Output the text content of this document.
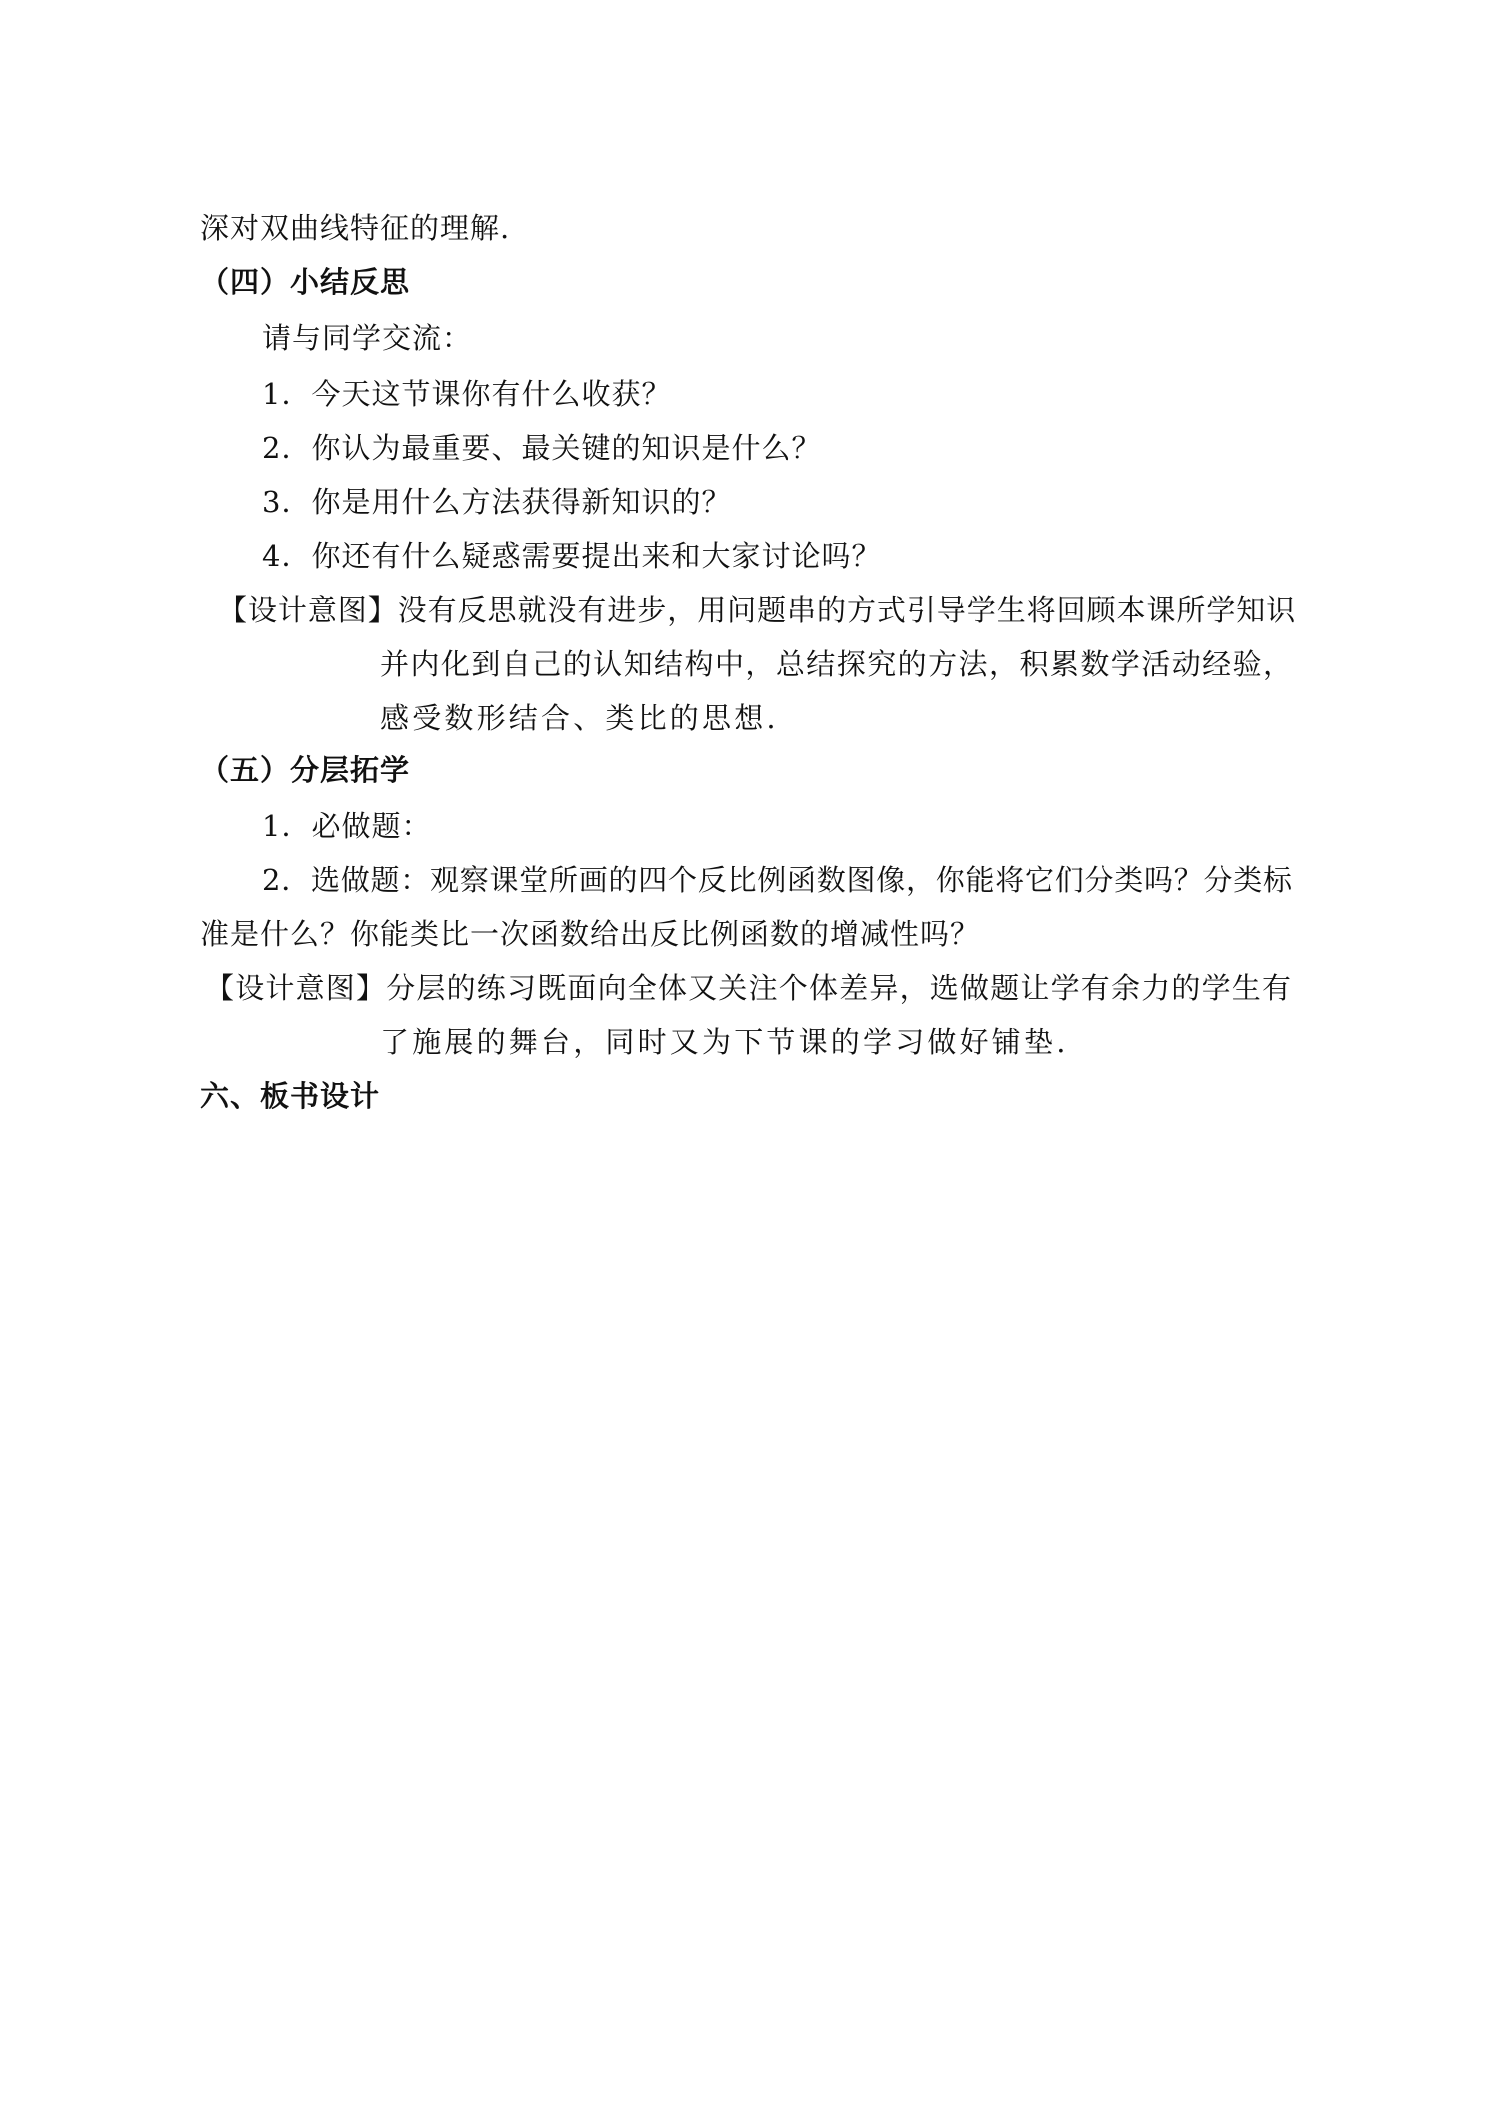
深对双曲线特征的理解.
（四）小结反思
请与同学交流：
1．今天这节课你有什么收获？
2．你认为最重要、最关键的知识是什么？
3．你是用什么方法获得新知识的？
4．你还有什么疑惑需要提出来和大家讨论吗？
【设计意图】没有反思就没有进步，用问题串的方式引导学生将回顾本课所学知识
并内化到自己的认知结构中，总结探究的方法，积累数学活动经验，
感受数形结合、类比的思想.
（五）分层拓学
1．必做题：
2．选做题：观察课堂所画的四个反比例函数图像，你能将它们分类吗？分类标
准是什么？你能类比一次函数给出反比例函数的增减性吗？
【设计意图】分层的练习既面向全体又关注个体差异，选做题让学有余力的学生有
了施展的舞台，同时又为下节课的学习做好铺垫.
六、板书设计
